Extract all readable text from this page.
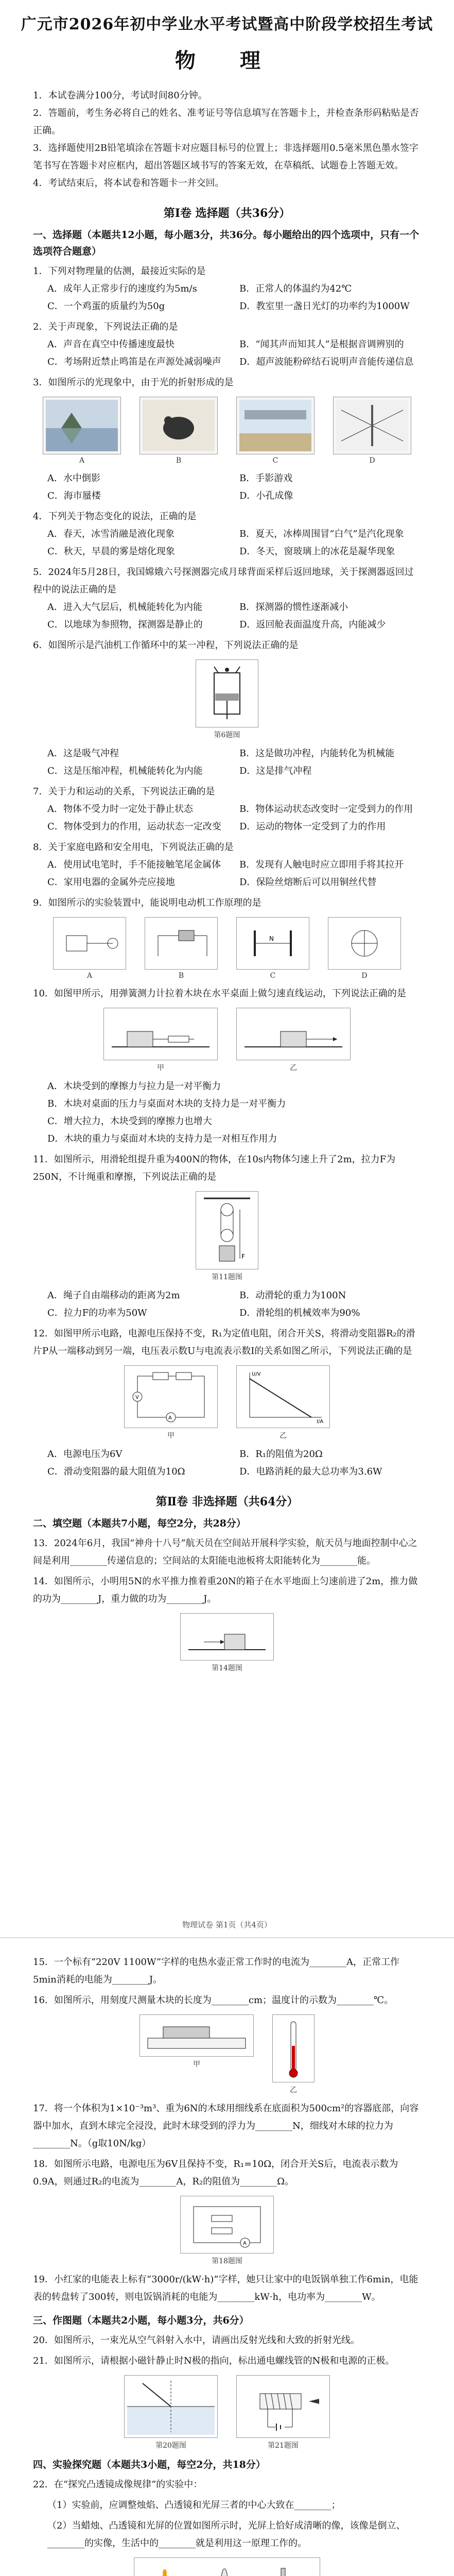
广元市2026年初中学业水平考试暨高中阶段学校招生考试
物 理
1．本试卷满分100分，考试时间80分钟。
2．答题前，考生务必将自己的姓名、准考证号等信息填写在答题卡上，并检查条形码粘贴是否正确。
3．选择题使用2B铅笔填涂在答题卡对应题目标号的位置上；非选择题用0.5毫米黑色墨水签字笔书写在答题卡对应框内，超出答题区域书写的答案无效，在草稿纸、试题卷上答题无效。
4．考试结束后，将本试卷和答题卡一并交回。
第Ⅰ卷 选择题（共36分）
一、选择题（本题共12小题，每小题3分，共36分。每小题给出的四个选项中，只有一个选项符合题意）
1．下列对物理量的估测，最接近实际的是
A．成年人正常步行的速度约为5m/s	B．正常人的体温约为42℃
C．一个鸡蛋的质量约为50g	D．教室里一盏日光灯的功率约为1000W
2．关于声现象，下列说法正确的是
A．声音在真空中传播速度最快	B．“闻其声而知其人”是根据音调辨别的
C．考场附近禁止鸣笛是在声源处减弱噪声	D．超声波能粉碎结石说明声音能传递信息
3．如图所示的光现象中，由于光的折射形成的是
A	B	C	D
A．水中倒影	B．手影游戏
C．海市蜃楼	D．小孔成像
4．下列关于物态变化的说法，正确的是
A．春天，冰雪消融是液化现象	B．夏天，冰棒周围冒“白气”是汽化现象
C．秋天，早晨的雾是熔化现象	D．冬天，窗玻璃上的冰花是凝华现象
5．2024年5月28日，我国嫦娥六号探测器完成月球背面采样后返回地球，关于探测器返回过程中的说法正确的是
A．进入大气层后，机械能转化为内能	B．探测器的惯性逐渐减小
C．以地球为参照物，探测器是静止的	D．返回舱表面温度升高，内能减少
6．如图所示是汽油机工作循环中的某一冲程，下列说法正确的是
第6题图
A．这是吸气冲程	B．这是做功冲程，内能转化为机械能
C．这是压缩冲程，机械能转化为内能	D．这是排气冲程
7．关于力和运动的关系，下列说法正确的是
A．物体不受力时一定处于静止状态	B．物体运动状态改变时一定受到力的作用
C．物体受到力的作用，运动状态一定改变	D．运动的物体一定受到了力的作用
8．关于家庭电路和安全用电，下列说法正确的是
A．使用试电笔时，手不能接触笔尾金属体	B．发现有人触电时应立即用手将其拉开
C．家用电器的金属外壳应接地	D．保险丝熔断后可以用铜丝代替
9．如图所示的实验装置中，能说明电动机工作原理的是
A	B
N
C	D
10．如图甲所示，用弹簧测力计拉着木块在水平桌面上做匀速直线运动，下列说法正确的是
甲	乙
A．木块受到的摩擦力与拉力是一对平衡力
B．木块对桌面的压力与桌面对木块的支持力是一对平衡力
C．增大拉力，木块受到的摩擦力也增大
D．木块的重力与桌面对木块的支持力是一对相互作用力
11．如图所示，用滑轮组提升重为400N的物体，在10s内物体匀速上升了2m，拉力F为250N，不计绳重和摩擦，下列说法正确的是
F
第11题图
A．绳子自由端移动的距离为2m	B．动滑轮的重力为100N
C．拉力F的功率为50W	D．滑轮组的机械效率为90%
12．如图甲所示电路，电源电压保持不变，R₁为定值电阻，闭合开关S，将滑动变阻器R₂的滑片P从一端移动到另一端，电压表示数U与电流表示数I的关系如图乙所示，下列说法正确的是
A
V
甲
I/A
U/V
乙
A．电源电压为6V	B．R₁的阻值为20Ω
C．滑动变阻器的最大阻值为10Ω	D．电路消耗的最大总功率为3.6W
第Ⅱ卷 非选择题（共64分）
二、填空题（本题共7小题，每空2分，共28分）
13．2024年6月，我国“神舟十八号”航天员在空间站开展科学实验，航天员与地面控制中心之间是利用________传递信息的；空间站的太阳能电池板将太阳能转化为________能。
14．如图所示，小明用5N的水平推力推着重20N的箱子在水平地面上匀速前进了2m，推力做的功为________J，重力做的功为________J。
第14题图
物理试卷 第1页（共4页）
15．一个标有“220V 1100W”字样的电热水壶正常工作时的电流为________A，正常工作5min消耗的电能为________J。
16．如图所示，用刻度尺测量木块的长度为________cm；温度计的示数为________℃。
甲
乙
17．将一个体积为1×10⁻³m³、重为6N的木球用细线系在底面积为500cm²的容器底部，向容器中加水，直到木球完全浸没，此时木球受到的浮力为________N，细线对木球的拉力为________N。（g取10N/kg）
18．如图所示电路，电源电压为6V且保持不变，R₁=10Ω，闭合开关S后，电流表示数为0.9A，则通过R₂的电流为________A，R₂的阻值为________Ω。
A
第18题图
19．小红家的电能表上标有“3000r/(kW·h)”字样，她只让家中的电饭锅单独工作6min，电能表的转盘转了300转，则电饭锅消耗的电能为________kW·h，电功率为________W。
三、作图题（本题共2小题，每小题3分，共6分）
20．如图所示，一束光从空气斜射入水中，请画出反射光线和大致的折射光线。
21．如图所示，请根据小磁针静止时N极的指向，标出通电螺线管的N极和电源的正极。
第20题图	第21题图
四、实验探究题（本题共3小题，每空2分，共18分）
22．在“探究凸透镜成像规律”的实验中：
（1）实验前，应调整烛焰、凸透镜和光屏三者的中心大致在________；
（2）当蜡烛、凸透镜和光屏的位置如图所示时，光屏上恰好成清晰的像，该像是倒立、________的实像，生活中的________就是利用这一原理工作的。
